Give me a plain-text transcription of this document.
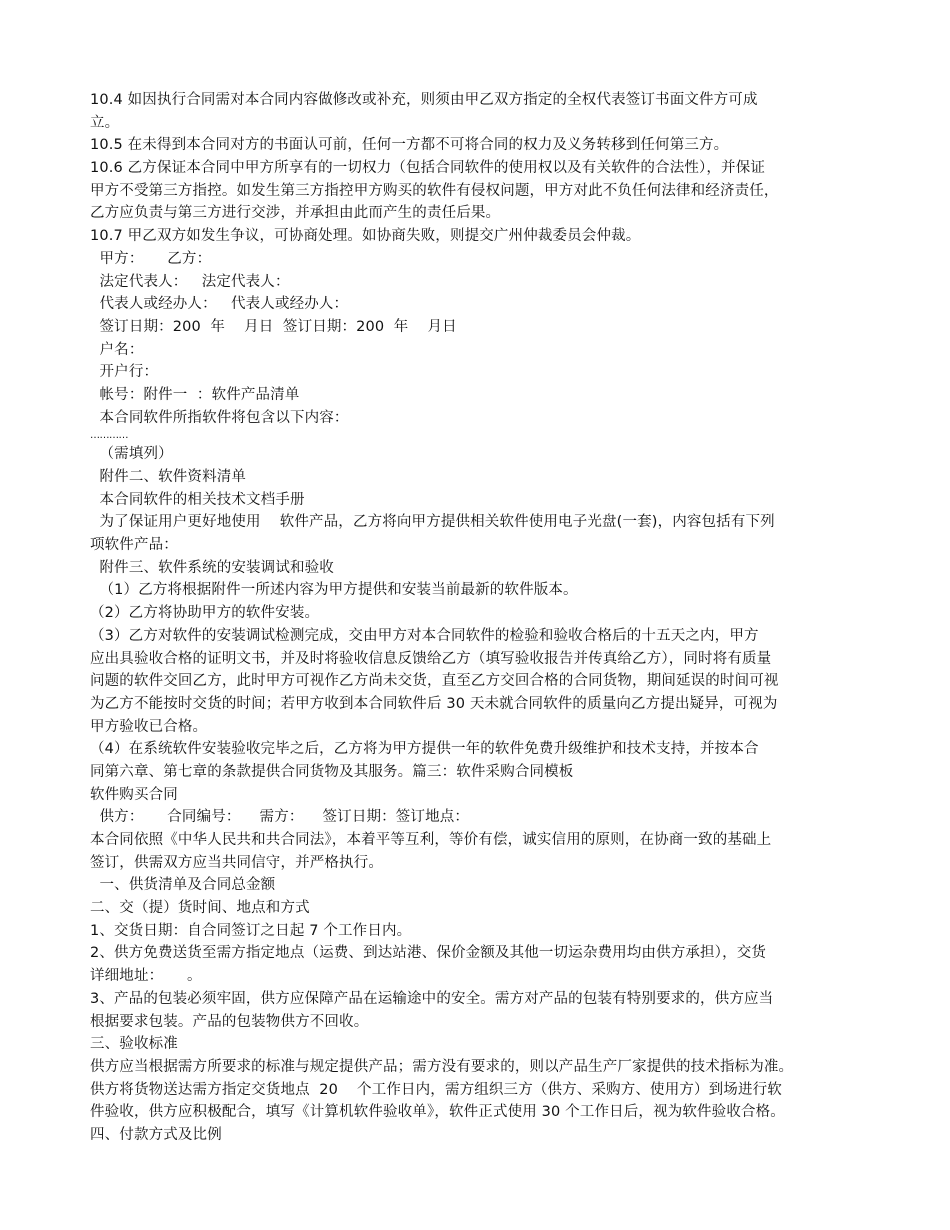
10.4 如因执行合同需对本合同内容做修改或补充，则须由甲乙双方指定的全权代表签订书面文件方可成
立。
10.5 在未得到本合同对方的书面认可前，任何一方都不可将合同的权力及义务转移到任何第三方。
10.6 乙方保证本合同中甲方所享有的一切权力（包括合同软件的使用权以及有关软件的合法性），并保证
甲方不受第三方指控。如发生第三方指控甲方购买的软件有侵权问题，甲方对此不负任何法律和经济责任，
乙方应负责与第三方进行交涉，并承担由此而产生的责任后果。
10.7 甲乙双方如发生争议，可协商处理。如协商失败，则提交广州仲裁委员会仲裁。
甲方：     乙方：
法定代表人：   法定代表人：
代表人或经办人：   代表人或经办人：
签订日期：200  年    月日  签订日期：200  年    月日
户名：
开户行：
帐号：附件一  ：软件产品清单
本合同软件所指软件将包含以下内容：
…………
（需填列）
附件二、软件资料清单
本合同软件的相关技术文档手册
为了保证用户更好地使用    软件产品，乙方将向甲方提供相关软件使用电子光盘(一套)，内容包括有下列
项软件产品：
附件三、软件系统的安装调试和验收
（1）乙方将根据附件一所述内容为甲方提供和安装当前最新的软件版本。
（2）乙方将协助甲方的软件安装。
（3）乙方对软件的安装调试检测完成，交由甲方对本合同软件的检验和验收合格后的十五天之内，甲方
应出具验收合格的证明文书，并及时将验收信息反馈给乙方（填写验收报告并传真给乙方），同时将有质量
问题的软件交回乙方，此时甲方可视作乙方尚未交货，直至乙方交回合格的合同货物，期间延误的时间可视
为乙方不能按时交货的时间；若甲方收到本合同软件后 30 天未就合同软件的质量向乙方提出疑异，可视为
甲方验收已合格。
（4）在系统软件安装验收完毕之后，乙方将为甲方提供一年的软件免费升级维护和技术支持，并按本合
同第六章、第七章的条款提供合同货物及其服务。篇三：软件采购合同模板
软件购买合同
供方：     合同编号：    需方：    签订日期：签订地点：
本合同依照《中华人民共和共合同法》，本着平等互利，等价有偿，诚实信用的原则，在协商一致的基础上
签订，供需双方应当共同信守，并严格执行。
一、供货清单及合同总金额
二、交（提）货时间、地点和方式
1、交货日期：自合同签订之日起 7 个工作日内。
2、供方免费送货至需方指定地点（运费、到达站港、保价金额及其他一切运杂费用均由供方承担），交货
详细地址：     。
3、产品的包装必须牢固，供方应保障产品在运输途中的安全。需方对产品的包装有特别要求的，供方应当
根据要求包装。产品的包装物供方不回收。
三、验收标准
供方应当根据需方所要求的标准与规定提供产品；需方没有要求的，则以产品生产厂家提供的技术指标为准。
供方将货物送达需方指定交货地点  20    个工作日内，需方组织三方（供方、采购方、使用方）到场进行软
件验收，供方应积极配合，填写《计算机软件验收单》，软件正式使用 30 个工作日后，视为软件验收合格。
四、付款方式及比例
